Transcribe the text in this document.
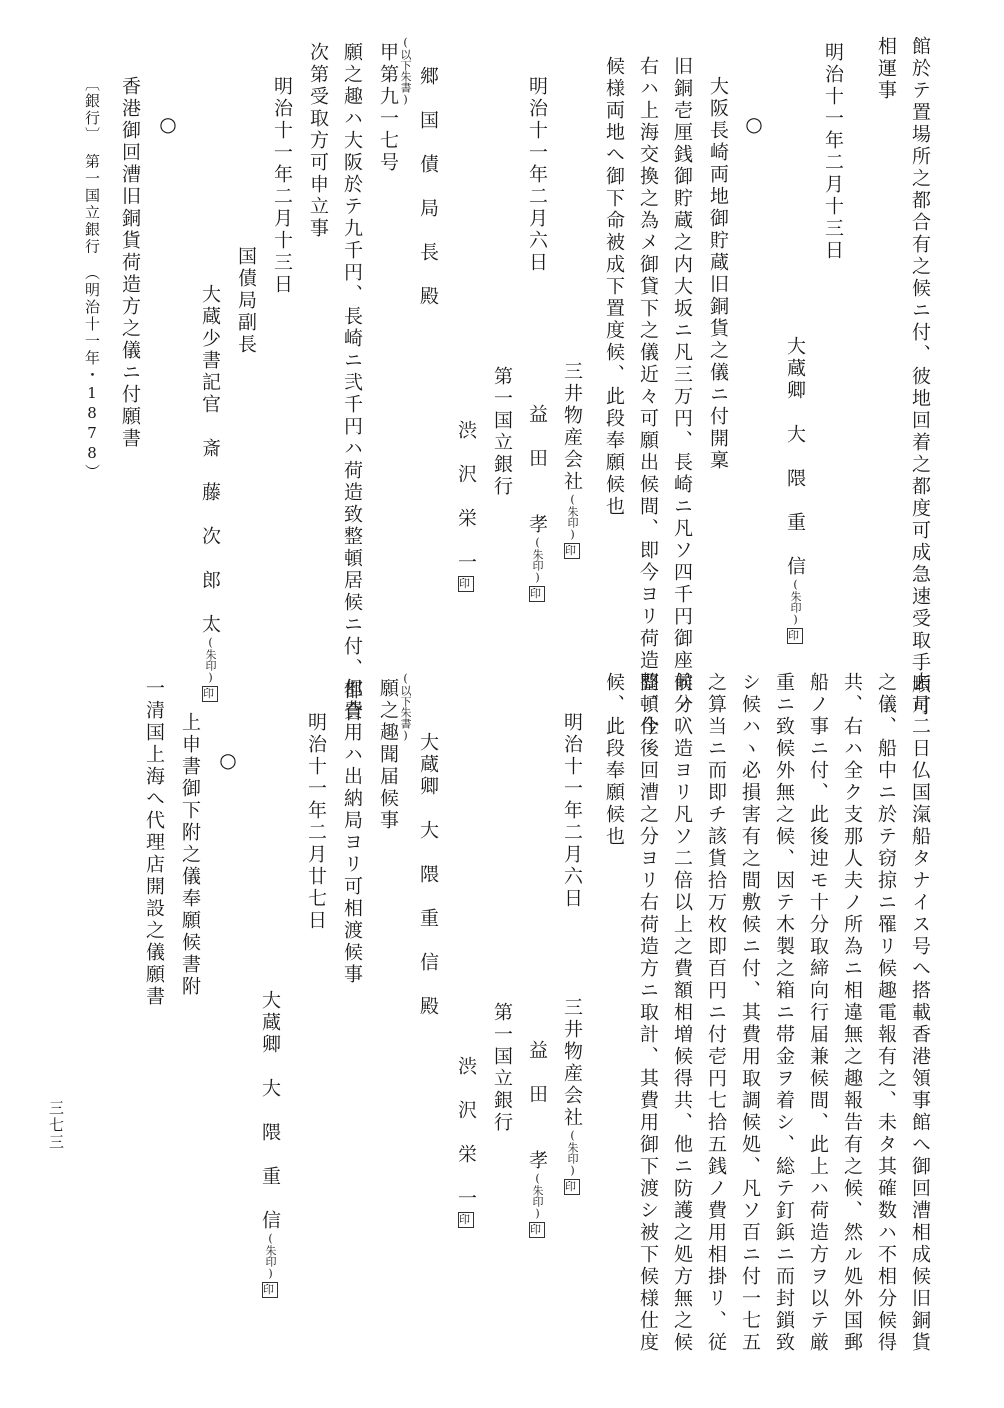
館於テ置場所之都合有之候ニ付、彼地回着之都度可成急速受取手順可
相運事
明治十一年二月十三日
大蔵卿　大　隈　重　信(朱印)印
○
大阪長崎両地御貯蔵旧銅貨之儀ニ付開稟
旧銅壱厘銭御貯蔵之内大坂ニ凡三万円、長崎ニ凡ソ四千円御座候分、
右ハ上海交換之為メ御貸下之儀近々可願出候間、即今ヨリ荷造整頓仕
候様両地へ御下命被成下置度候、此段奉願候也
三井物産会社(朱印)印
明治十一年二月六日
益　田　　孝(朱印)印
第一国立銀行
渋　沢　栄　一印
郷　国　債　局　長　殿
(以下朱書)
甲第九一七号
願之趣ハ大阪於テ九千円、長崎ニ弐千円ハ荷造致整頓居候ニ付、都合
次第受取方可申立事
明治十一年二月十三日
国債局副長
大蔵少書記官　斎　藤　次　郎　太(朱印)印
○
香港御回漕旧銅貨荷造方之儀ニ付願書
〔銀行〕　第一国立銀行　（明治十一年・1878）
去月二日仏国滊船タナイス号へ搭載香港領事館へ御回漕相成候旧銅貨
之儀、船中ニ於テ窃掠ニ罹リ候趣電報有之、未タ其確数ハ不相分候得
共、右ハ全ク支那人夫ノ所為ニ相違無之趣報告有之候、然ル処外国郵
船ノ事ニ付、此後迚モ十分取締向行届兼候間、此上ハ荷造方ヲ以テ厳
重ニ致候外無之候、因テ木製之箱ニ帯金ヲ着シ、総テ釘鋲ニ而封鎖致
シ候ハヽ必損害有之間敷候ニ付、其費用取調候処、凡ソ百ニ付一七五
之算当ニ而即チ該貨拾万枚即百円ニ付壱円七拾五銭ノ費用相掛リ、従
前ノ叺造ヨリ凡ソ二倍以上之費額相増候得共、他ニ防護之処方無之候
間、今後回漕之分ヨリ右荷造方ニ取計、其費用御下渡シ被下候様仕度
候、此段奉願候也
明治十一年二月六日
三井物産会社(朱印)印
益　田　　孝(朱印)印
第一国立銀行
渋　沢　栄　一印
大蔵卿　大　隈　重　信　殿
(以下朱書)
願之趣聞届候事
但費用ハ出納局ヨリ可相渡候事
明治十一年二月廿七日
大蔵卿　大　隈　重　信(朱印)印
○
上申書御下附之儀奉願候書附
一清国上海へ代理店開設之儀願書
三七三
